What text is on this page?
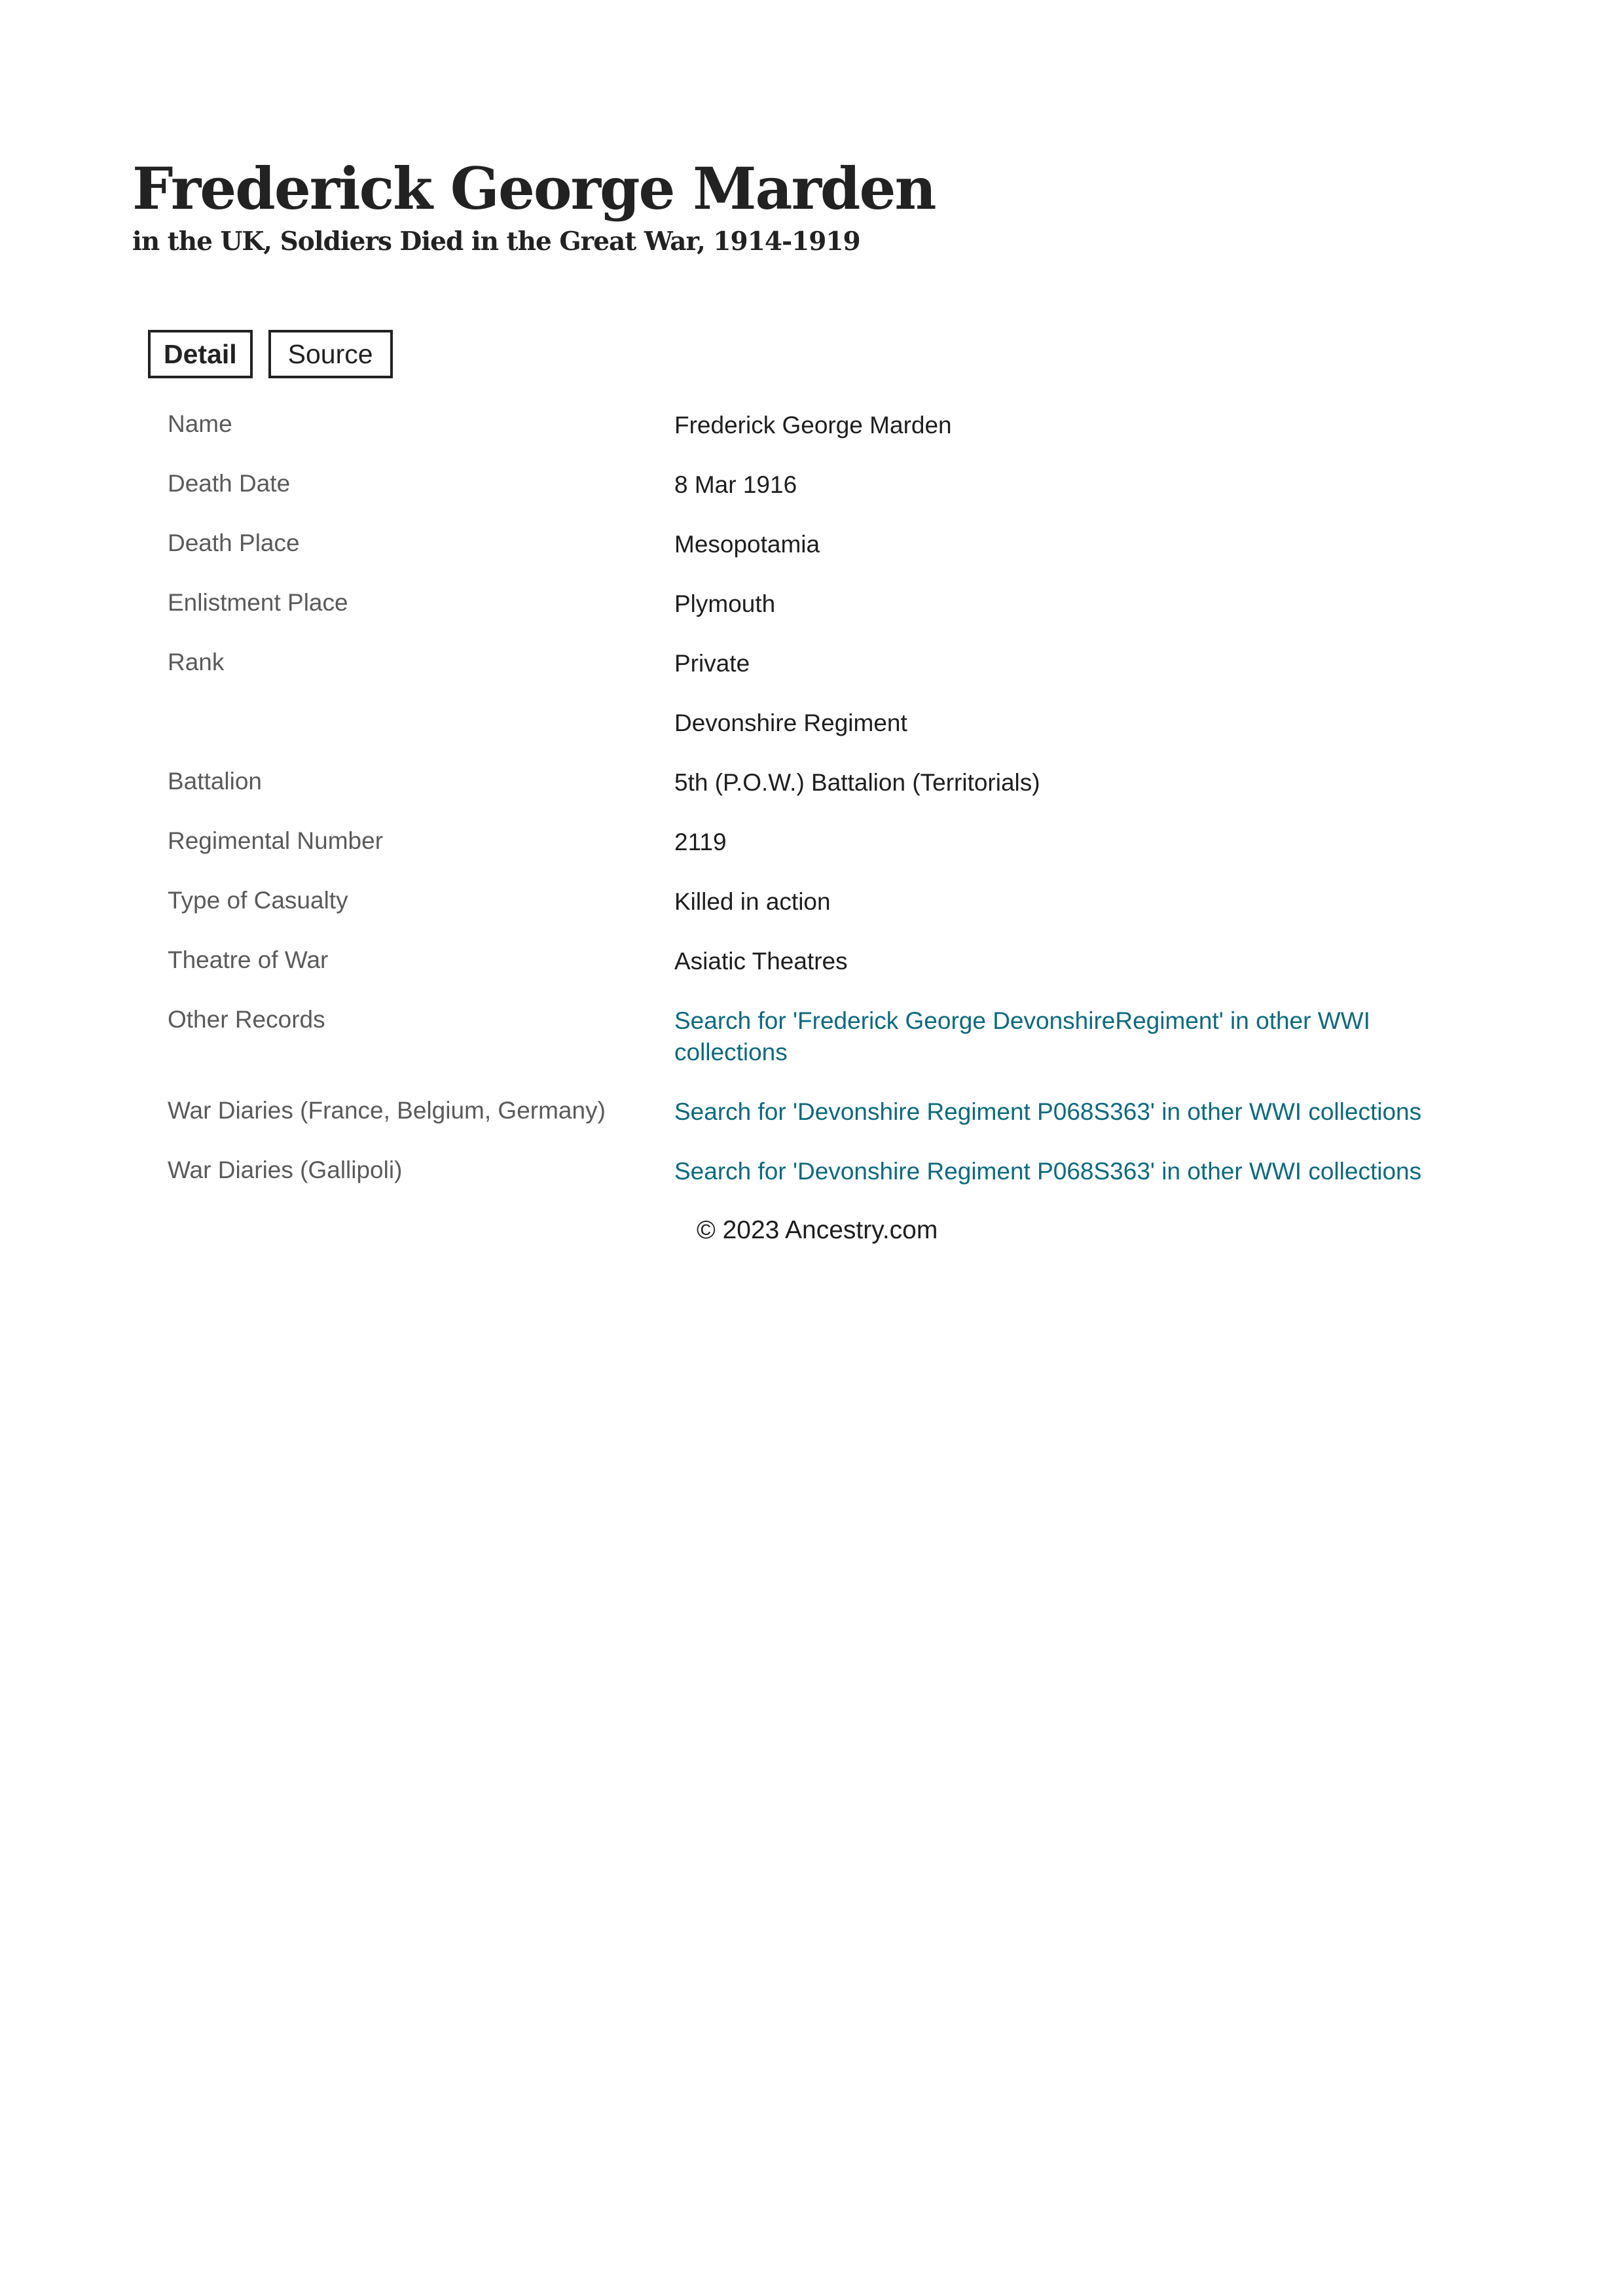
Frederick George Marden
in the UK, Soldiers Died in the Great War, 1914-1919
Detail	Source
Name	Frederick George Marden
Death Date	8 Mar 1916
Death Place	Mesopotamia
Enlistment Place	Plymouth
Rank	Private
Devonshire Regiment
Battalion	5th (P.O.W.) Battalion (Territorials)
Regimental Number	2119
Type of Casualty	Killed in action
Theatre of War	Asiatic Theatres
Other Records	Search for 'Frederick George DevonshireRegiment' in other WWI collections
War Diaries (France, Belgium, Germany)	Search for 'Devonshire Regiment P068S363' in other WWI collections
War Diaries (Gallipoli)	Search for 'Devonshire Regiment P068S363' in other WWI collections
© 2023 Ancestry.com
